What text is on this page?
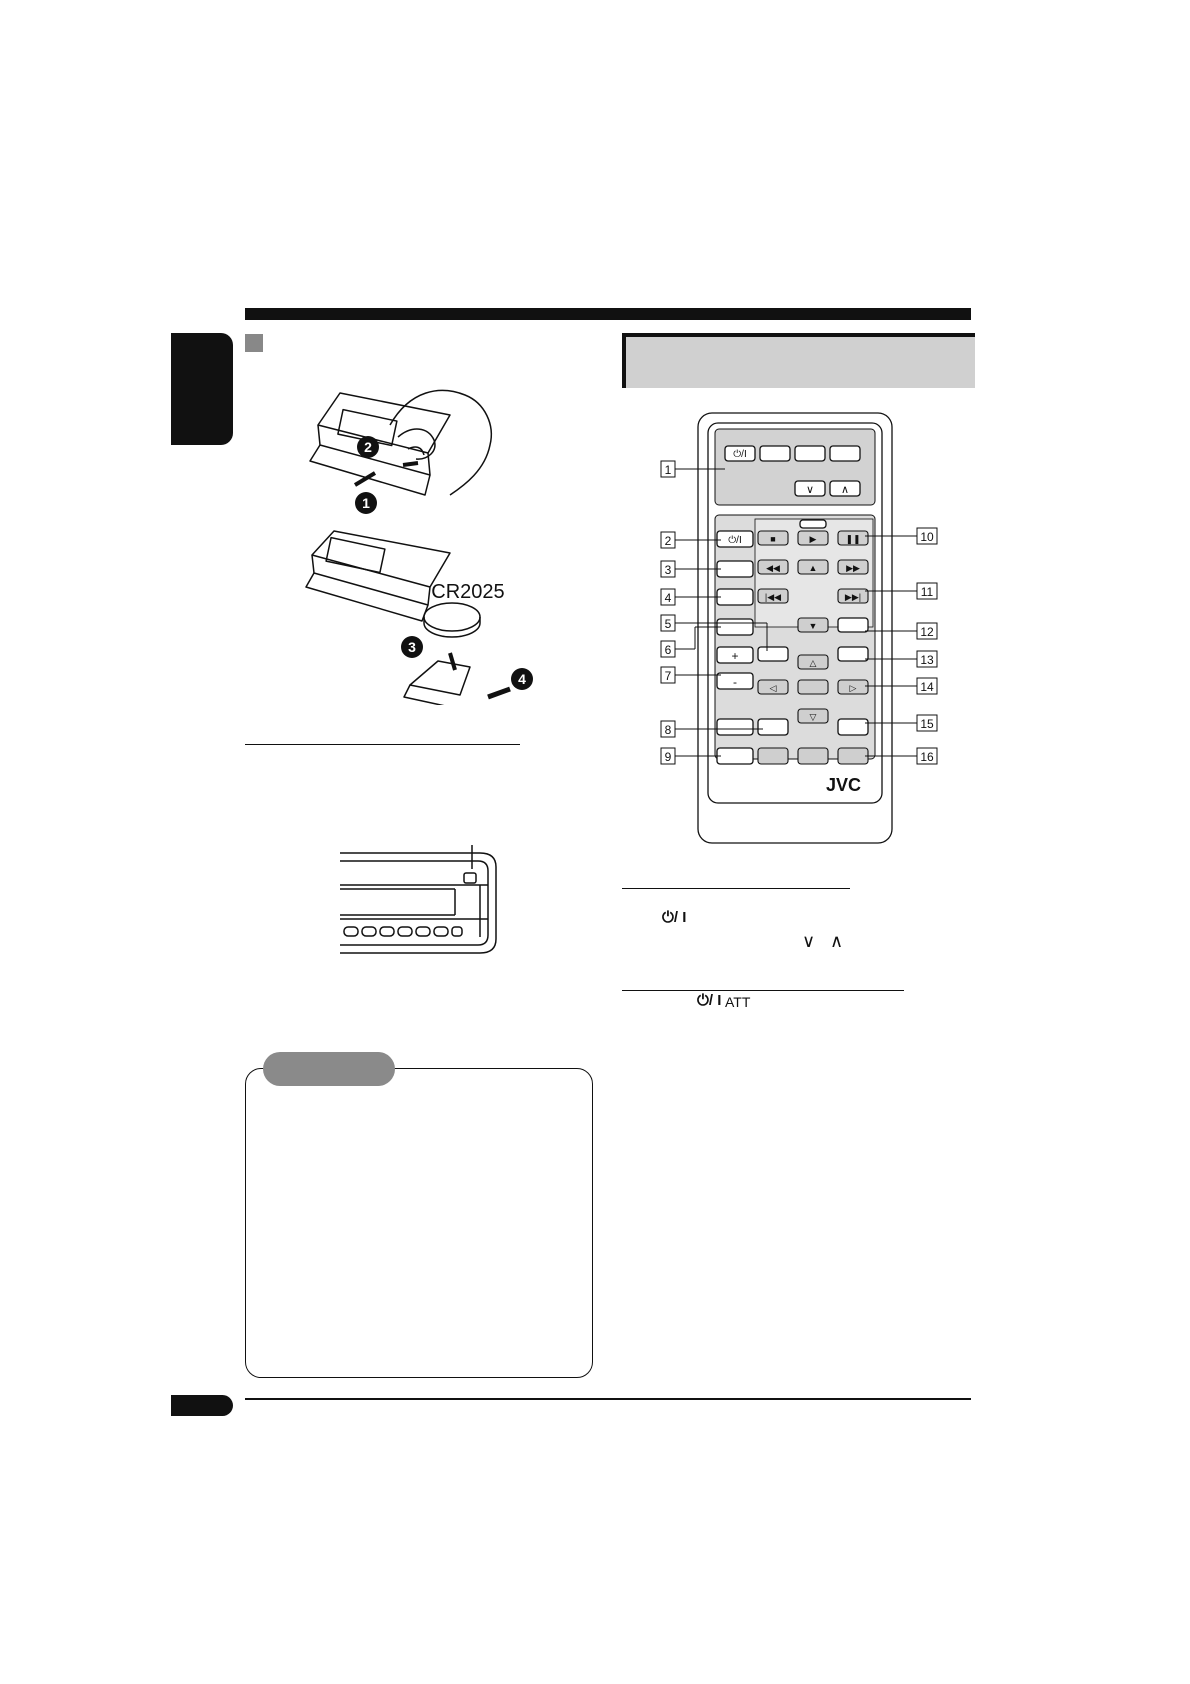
CR2025
2
1
3
4
⏻/I
∨ ∧
⏻/I
+
-
■	▶	❚❚
◀◀	▲	▶▶
|◀◀	▶▶|
▼
△
◁	▷
▽
JVC
1
2
3
4
5
6
7
8
9
10
11
12
13
14
15
16
⏻/ I
∨ ∧
⏻/ I ATT
